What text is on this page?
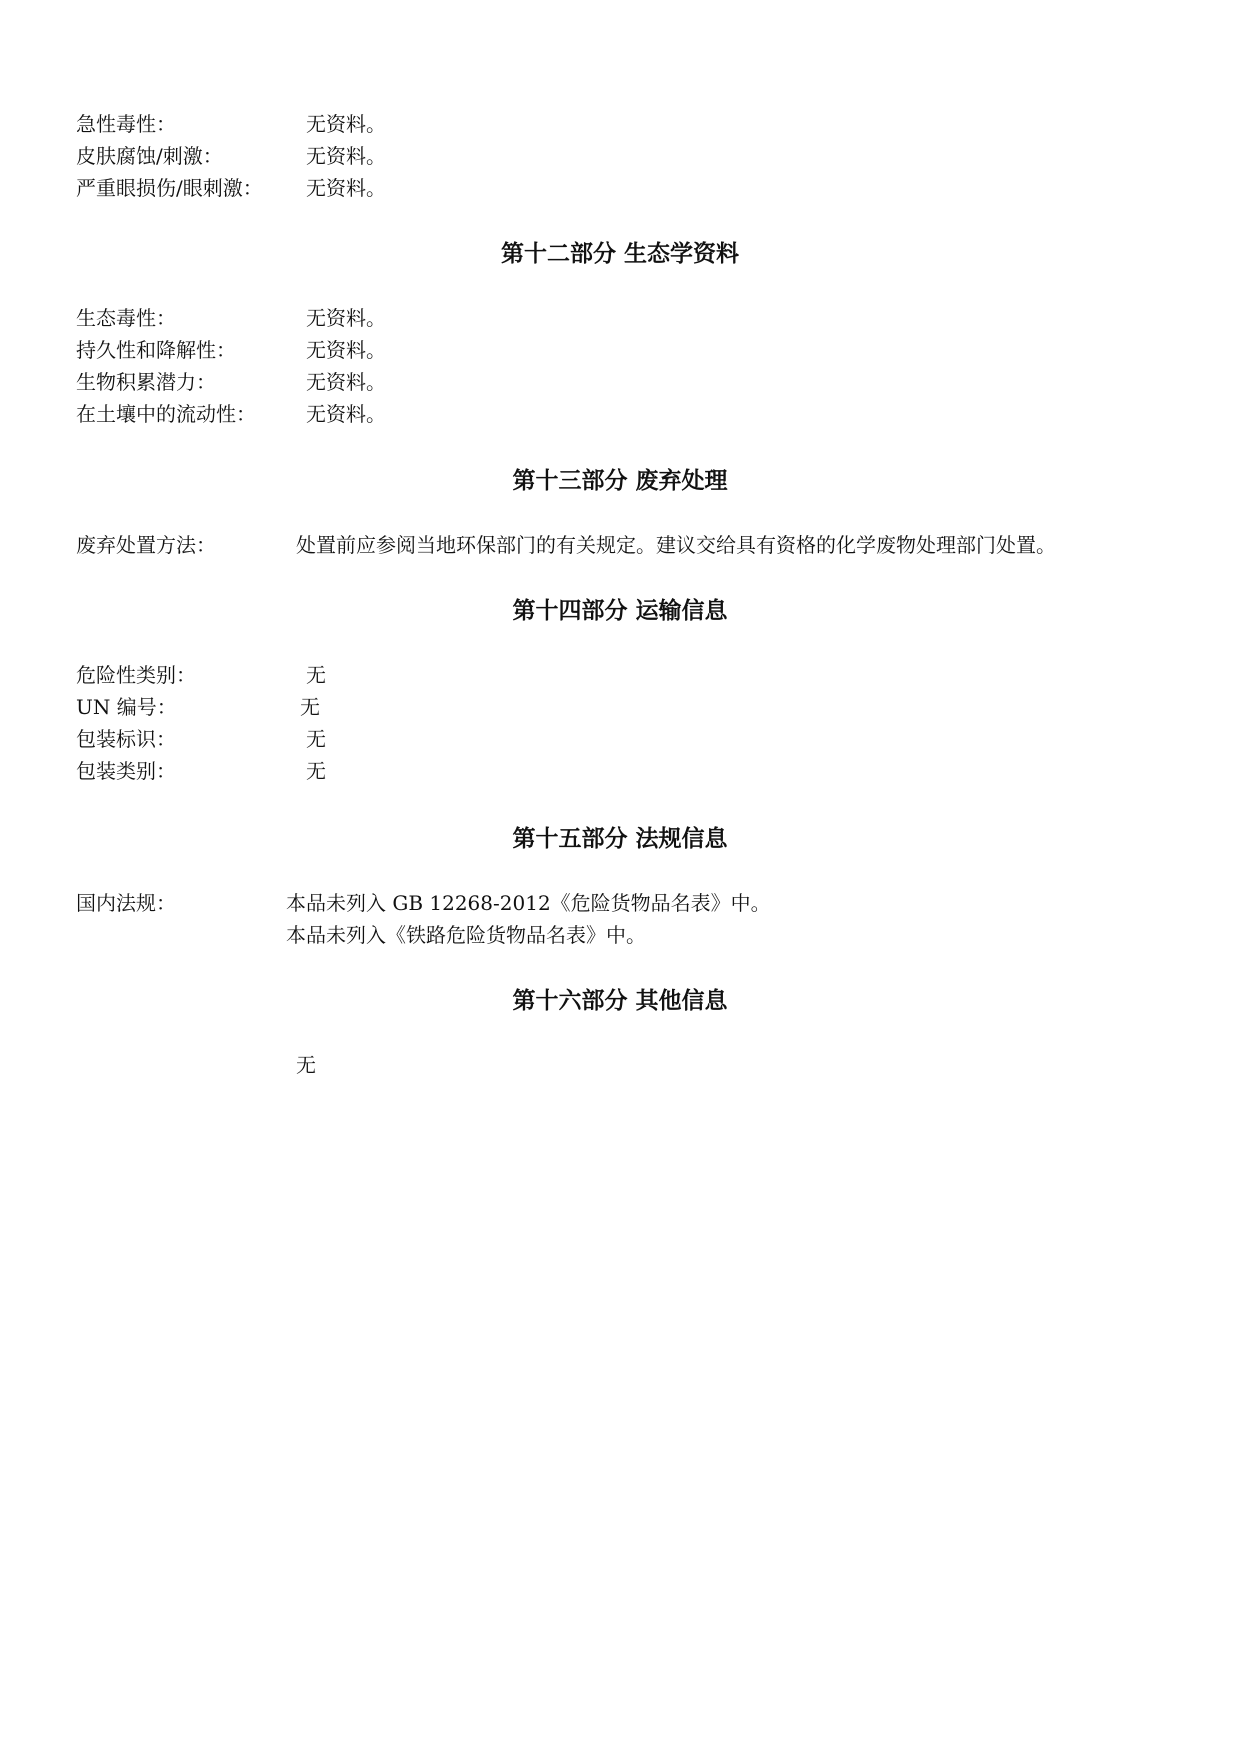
急性毒性：	无资料。
皮肤腐蚀/刺激：	无资料。
严重眼损伤/眼刺激： 无资料。
第十二部分 生态学资料
生态毒性：	无资料。
持久性和降解性：	无资料。
生物积累潜力：	无资料。
在土壤中的流动性：	无资料。
第十三部分 废弃处理
废弃处置方法：	处置前应参阅当地环保部门的有关规定。建议交给具有资格的化学废物处理部门处置。
第十四部分 运输信息
危险性类别：	无
UN 编号：	无
包装标识：	无
包装类别：	无
第十五部分 法规信息
国内法规：	本品未列入 GB 12268-2012《危险货物品名表》中。
本品未列入《铁路危险货物品名表》中。
第十六部分 其他信息
无
